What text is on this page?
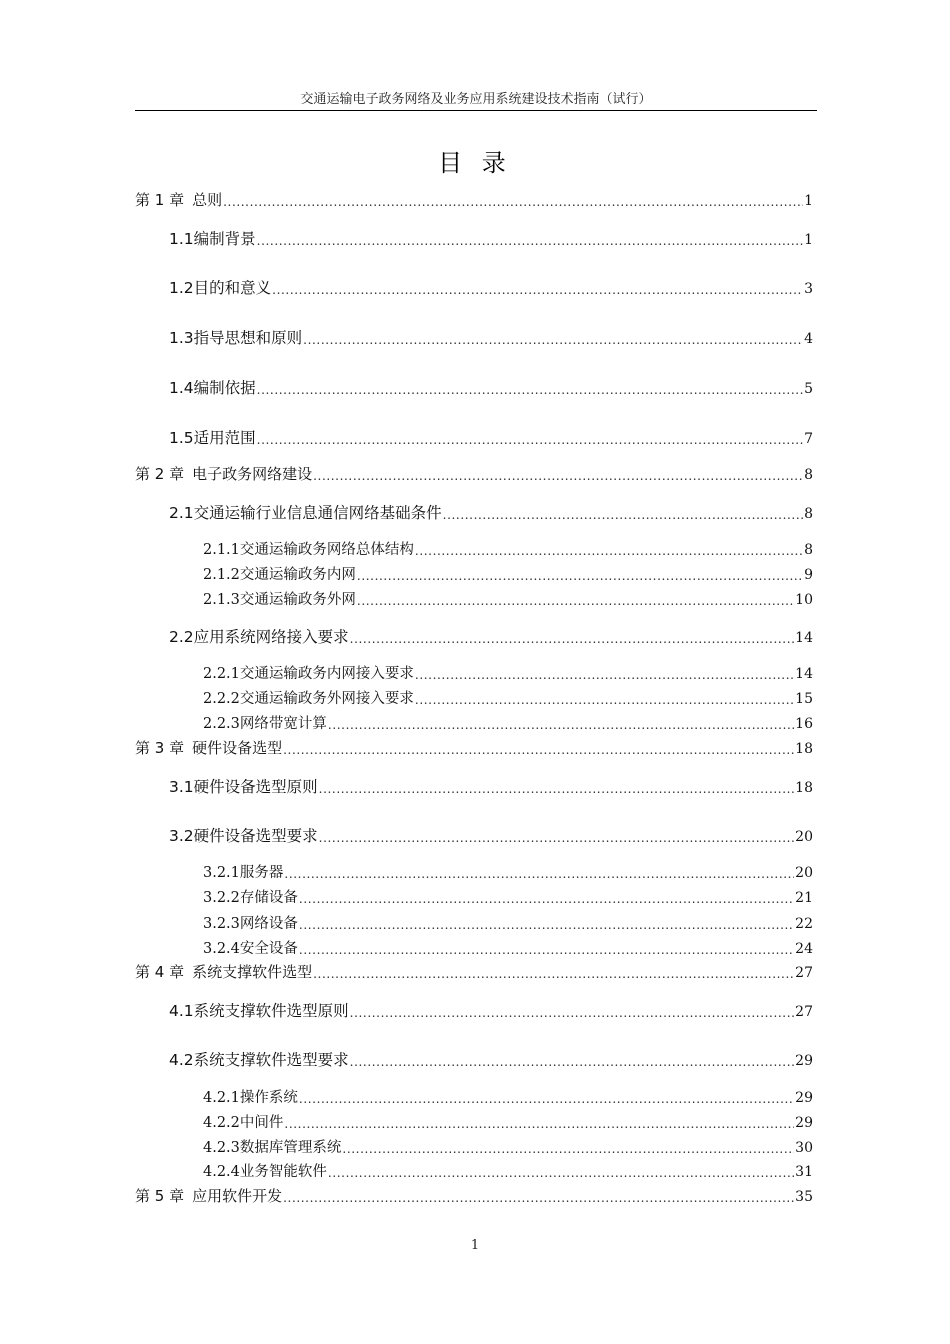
交通运输电子政务网络及业务应用系统建设技术指南（试行）
目 录
第 1 章 总则 .....	1
1.1 编制背景 .....	1
1.2 目的和意义 .....	3
1.3 指导思想和原则 .....	4
1.4 编制依据 .....	5
1.5 适用范围 .....	7
第 2 章 电子政务网络建设 .....	8
2.1 交通运输行业信息通信网络基础条件 .....	8
2.1.1 交通运输政务网络总体结构 .....	8
2.1.2 交通运输政务内网 .....	9
2.1.3 交通运输政务外网 .....	10
2.2 应用系统网络接入要求 .....	14
2.2.1 交通运输政务内网接入要求 .....	14
2.2.2 交通运输政务外网接入要求 .....	15
2.2.3 网络带宽计算 .....	16
第 3 章 硬件设备选型 .....	18
3.1 硬件设备选型原则 .....	18
3.2 硬件设备选型要求 .....	20
3.2.1 服务器 .....	20
3.2.2 存储设备 .....	21
3.2.3 网络设备 .....	22
3.2.4 安全设备 .....	24
第 4 章 系统支撑软件选型 .....	27
4.1 系统支撑软件选型原则 .....	27
4.2 系统支撑软件选型要求 .....	29
4.2.1 操作系统 .....	29
4.2.2 中间件 .....	29
4.2.3 数据库管理系统 .....	30
4.2.4 业务智能软件 .....	31
第 5 章 应用软件开发 .....	35
1
